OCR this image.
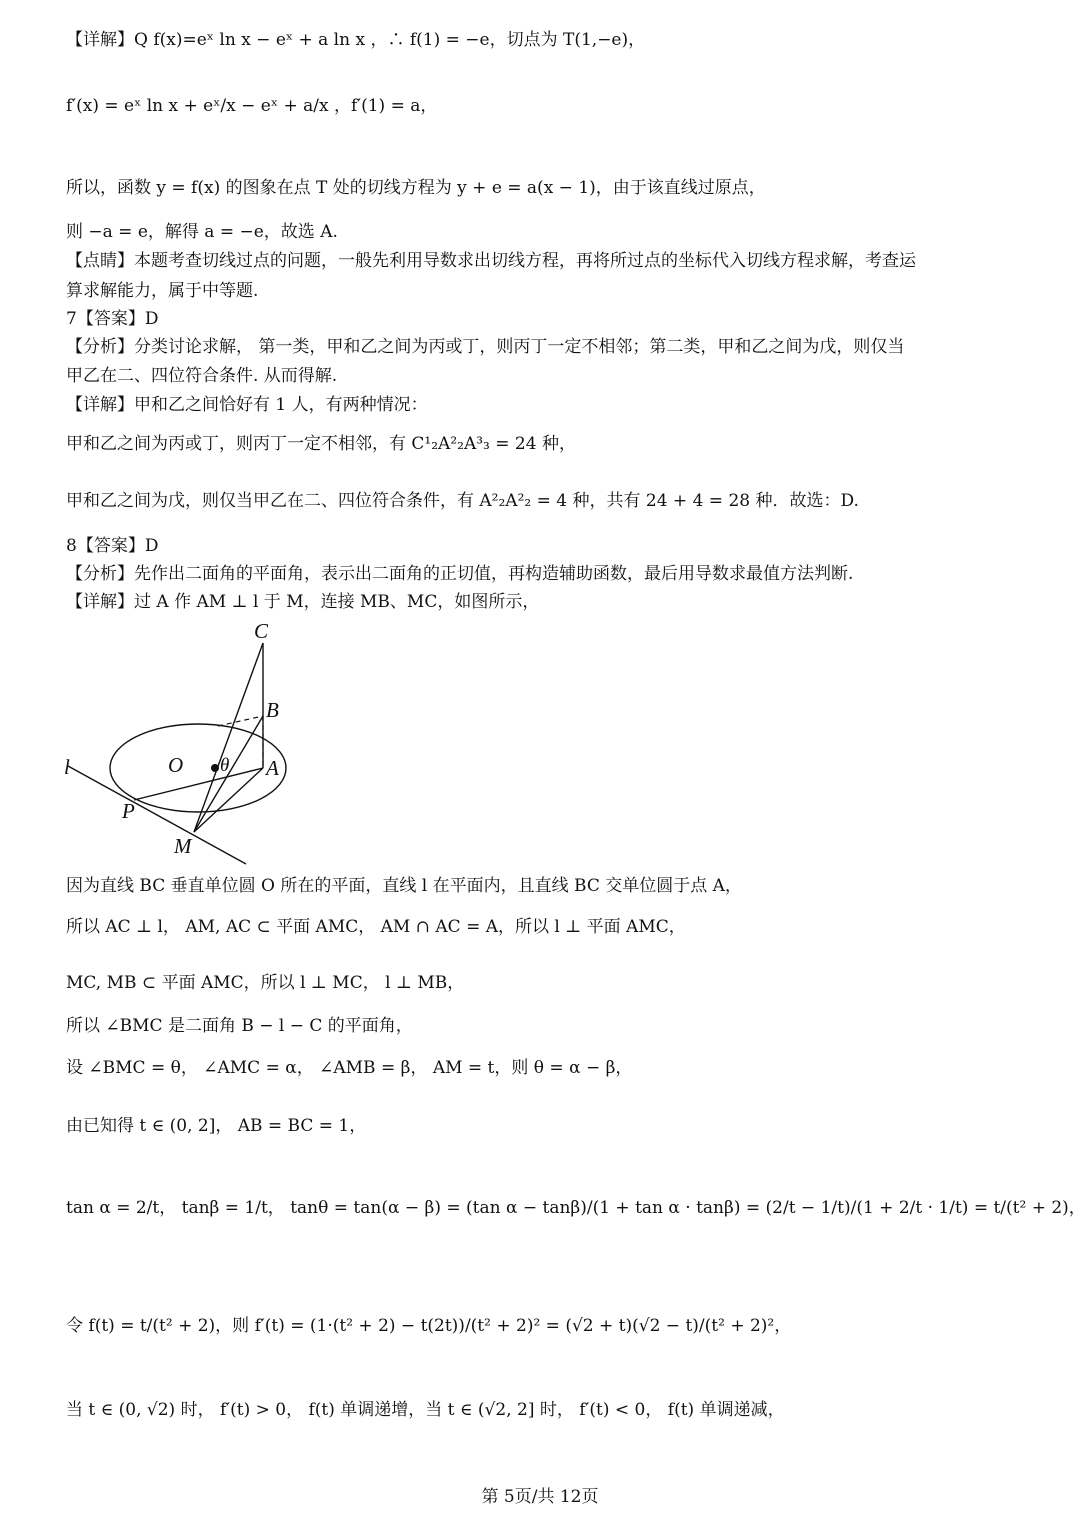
【详解】Q f(x)=eˣ ln x − eˣ + a ln x ，∴ f(1) = −e，切点为 T(1,−e)，
f′(x) = eˣ ln x + eˣ/x − eˣ + a/x ，f′(1) = a，
所以，函数 y = f(x) 的图象在点 T 处的切线方程为 y + e = a(x − 1)，由于该直线过原点，
则 −a = e，解得 a = −e，故选 A.
【点睛】本题考查切线过点的问题，一般先利用导数求出切线方程，再将所过点的坐标代入切线方程求解，考查运
算求解能力，属于中等题.
7【答案】D
【分析】分类讨论求解， 第一类，甲和乙之间为丙或丁，则丙丁一定不相邻；第二类，甲和乙之间为戊，则仅当
甲乙在二、四位符合条件. 从而得解.
【详解】甲和乙之间恰好有 1 人，有两种情况：
甲和乙之间为丙或丁，则丙丁一定不相邻，有 C¹₂A²₂A³₃ = 24 种，
甲和乙之间为戊，则仅当甲乙在二、四位符合条件，有 A²₂A²₂ = 4 种，共有 24 + 4 = 28 种．故选：D.
8【答案】D
【分析】先作出二面角的平面角，表示出二面角的正切值，再构造辅助函数，最后用导数求最值方法判断.
【详解】过 A 作 AM ⊥ l 于 M，连接 MB、MC，如图所示，
C
B
O θ A
l
P
M
因为直线 BC 垂直单位圆 O 所在的平面，直线 l 在平面内，且直线 BC 交单位圆于点 A，
所以 AC ⊥ l， AM, AC ⊂ 平面 AMC， AM ∩ AC = A，所以 l ⊥ 平面 AMC，
MC, MB ⊂ 平面 AMC，所以 l ⊥ MC， l ⊥ MB，
所以 ∠BMC 是二面角 B − l − C 的平面角，
设 ∠BMC = θ， ∠AMC = α， ∠AMB = β， AM = t，则 θ = α − β，
由已知得 t ∈ (0, 2]， AB = BC = 1，
tan α = 2/t， tanβ = 1/t， tanθ = tan(α − β) = (tan α − tanβ)/(1 + tan α · tanβ) = (2/t − 1/t)/(1 + 2/t · 1/t) = t/(t² + 2)，
令 f(t) = t/(t² + 2)，则 f′(t) = (1·(t² + 2) − t(2t))/(t² + 2)² = (√2 + t)(√2 − t)/(t² + 2)²，
当 t ∈ (0, √2) 时， f′(t) > 0， f(t) 单调递增，当 t ∈ (√2, 2] 时， f′(t) < 0， f(t) 单调递减，
第 5页/共 12页
